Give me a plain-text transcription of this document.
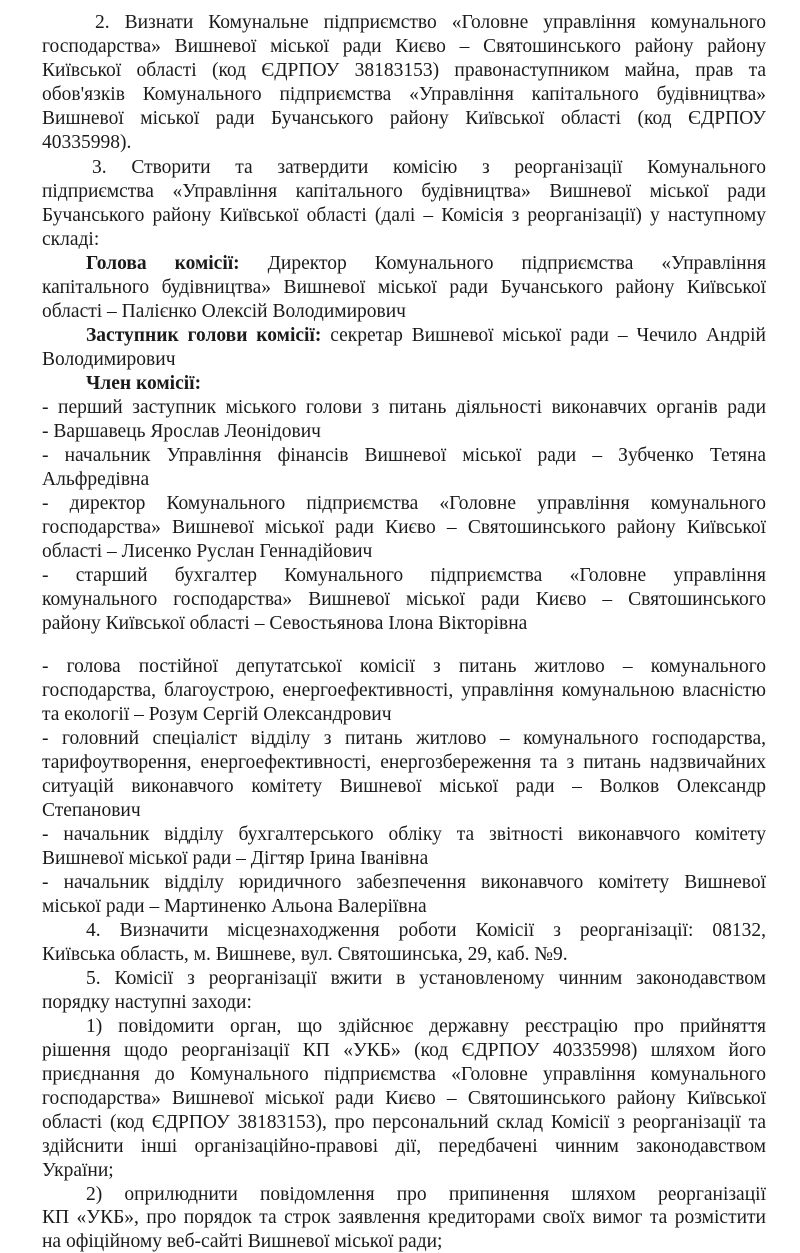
2. Визнати Комунальне підприємство «Головне управління комунального
господарства» Вишневої міської ради Києво – Святошинського району району
Київської області (код ЄДРПОУ 38183153) правонаступником майна, прав та
обов'язків Комунального підприємства «Управління капітального будівництва»
Вишневої міської ради Бучанського району Київської області (код ЄДРПОУ
40335998).
3. Створити та затвердити комісію з реорганізації Комунального
підприємства «Управління капітального будівництва» Вишневої міської ради
Бучанського району Київської області (далі – Комісія з реорганізації) у наступному
складі:
Голова комісії: Директор Комунального підприємства «Управління
капітального будівництва» Вишневої міської ради Бучанського району Київської
області – Палієнко Олексій Володимирович
Заступник голови комісії: секретар Вишневої міської ради – Чечило Андрій
Володимирович
Член комісії:
- перший заступник міського голови з питань діяльності виконавчих органів ради
- Варшавець Ярослав Леонідович
- начальник Управління фінансів Вишневої міської ради – Зубченко Тетяна
Альфредівна
- директор Комунального підприємства «Головне управління комунального
господарства» Вишневої міської ради Києво – Святошинського району Київської
області – Лисенко Руслан Геннадійович
- старший бухгалтер Комунального підприємства «Головне управління
комунального господарства» Вишневої міської ради Києво – Святошинського
району Київської області – Севостьянова Ілона Вікторівна
- голова постійної депутатської комісії з питань житлово – комунального
господарства, благоустрою, енергоефективності, управління комунальною власністю
та екології – Розум Сергій Олександрович
- головний спеціаліст відділу з питань житлово – комунального господарства,
тарифоутворення, енергоефективності, енергозбереження та з питань надзвичайних
ситуацій виконавчого комітету Вишневої міської ради – Волков Олександр
Степанович
- начальник відділу бухгалтерського обліку та звітності виконавчого комітету
Вишневої міської ради – Дігтяр Ірина Іванівна
- начальник відділу юридичного забезпечення виконавчого комітету Вишневої
міської ради – Мартиненко Альона Валеріївна
4. Визначити місцезнаходження роботи Комісії з реорганізації: 08132,
Київська область, м. Вишневе, вул. Святошинська, 29, каб. №9.
5. Комісії з реорганізації вжити в установленому чинним законодавством
порядку наступні заходи:
1) повідомити орган, що здійснює державну реєстрацію про прийняття
рішення щодо реорганізації КП «УКБ» (код ЄДРПОУ 40335998) шляхом його
приєднання до Комунального підприємства «Головне управління комунального
господарства» Вишневої міської ради Києво – Святошинського району Київської
області (код ЄДРПОУ 38183153), про персональний склад Комісії з реорганізації та
здійснити інші організаційно-правові дії, передбачені чинним законодавством
України;
2) оприлюднити повідомлення про припинення шляхом реорганізації
КП «УКБ», про порядок та строк заявлення кредиторами своїх вимог та розмістити
на офіційному веб-сайті Вишневої міської ради;
